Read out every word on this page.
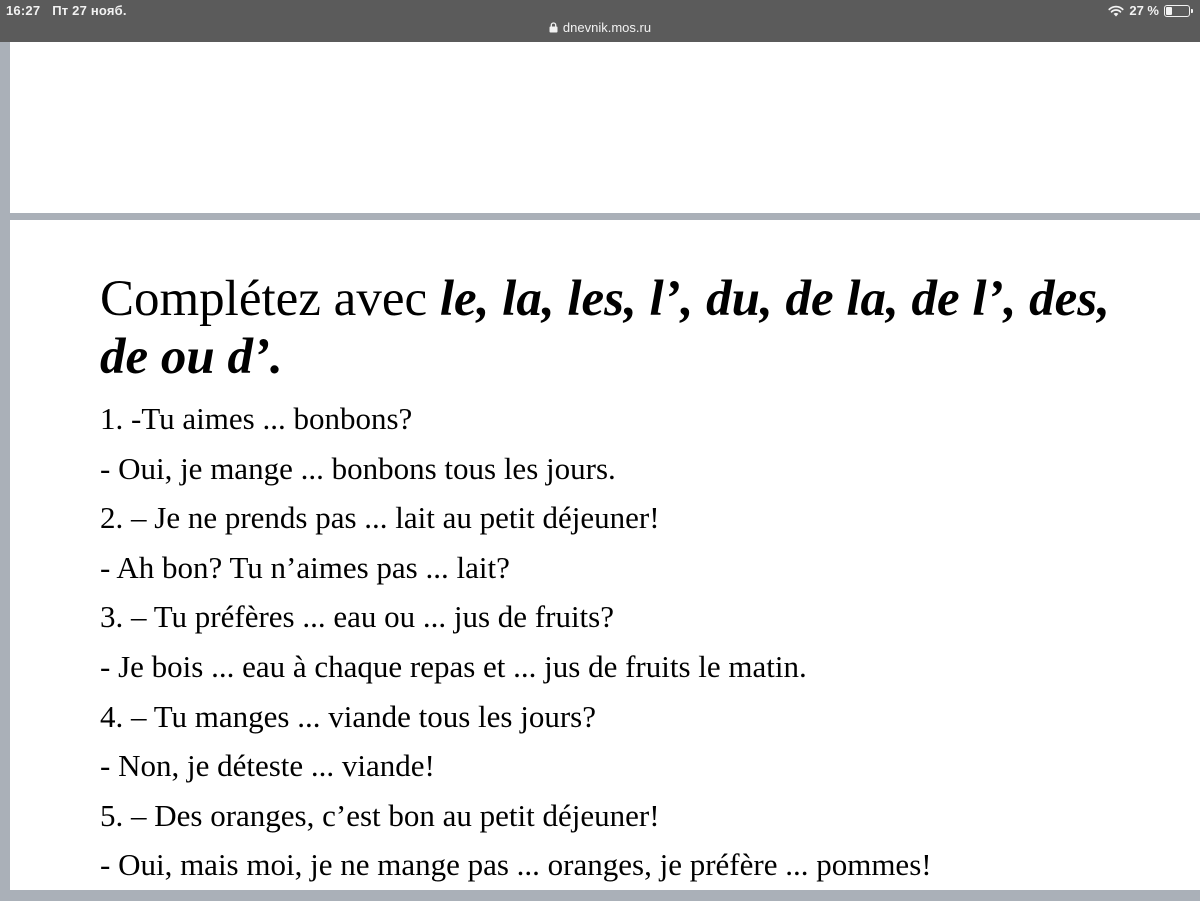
16:27 Пт 27 нояб.	27 %
dnevnik.mos.ru
Complétez avec le, la, les, l’, du, de la, de l’, des, de ou d’.
1. -Tu aimes ... bonbons?
- Oui, je mange ... bonbons tous les jours.
2. – Je ne prends pas ... lait au petit déjeuner!
- Ah bon? Tu n’aimes pas ... lait?
3. – Tu préfères ... eau ou ... jus de fruits?
- Je bois ... eau à chaque repas et ... jus de fruits le matin.
4. – Tu manges ... viande tous les jours?
- Non, je déteste ... viande!
5. – Des oranges, c’est bon au petit déjeuner!
- Oui, mais moi, je ne mange pas ... oranges, je préfère ... pommes!
